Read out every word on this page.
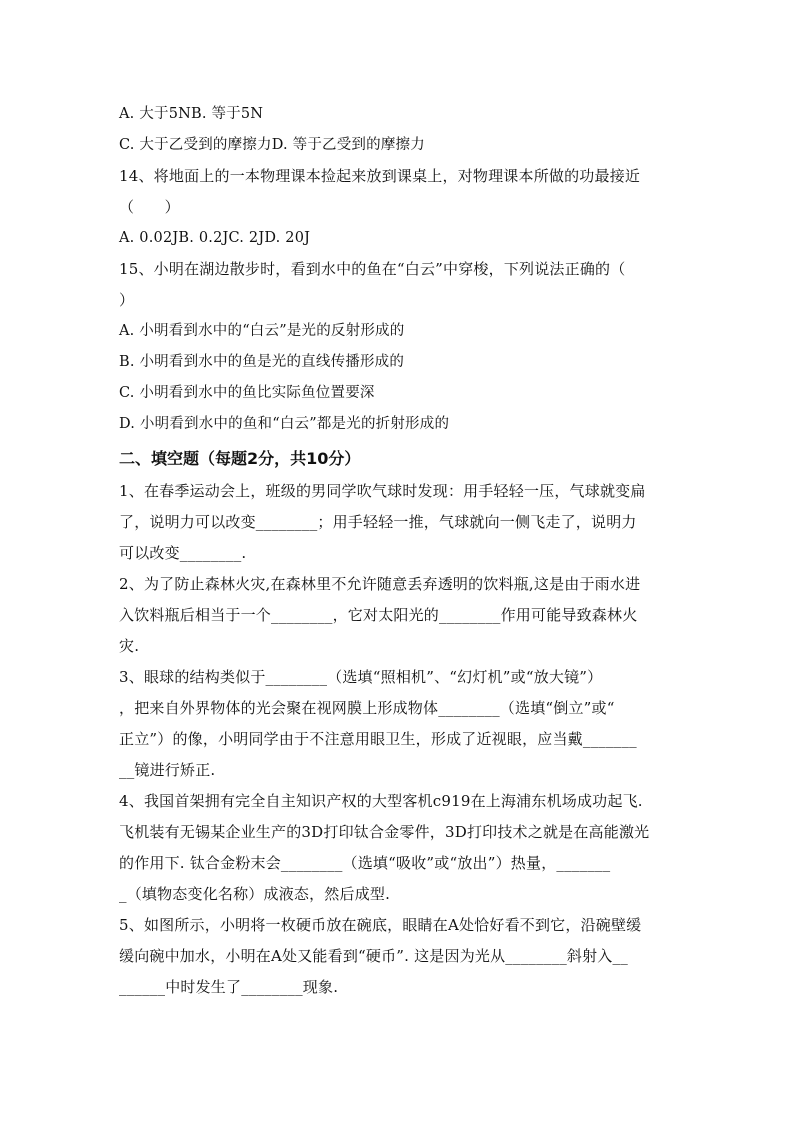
A. 大于5NB. 等于5N
C. 大于乙受到的摩擦力D. 等于乙受到的摩擦力
14、将地面上的一本物理课本捡起来放到课桌上，对物理课本所做的功最接近
（　　）
A. 0.02JB. 0.2JC. 2JD. 20J
15、小明在湖边散步时，看到水中的鱼在“白云”中穿梭，下列说法正确的（
）
A. 小明看到水中的“白云”是光的反射形成的
B. 小明看到水中的鱼是光的直线传播形成的
C. 小明看到水中的鱼比实际鱼位置要深
D. 小明看到水中的鱼和“白云”都是光的折射形成的
二、填空题（每题2分，共10分）
1、在春季运动会上，班级的男同学吹气球时发现：用手轻轻一压，气球就变扁
了，说明力可以改变________；用手轻轻一推，气球就向一侧飞走了，说明力
可以改变________.
2、为了防止森林火灾,在森林里不允许随意丢弃透明的饮料瓶,这是由于雨水进
入饮料瓶后相当于一个________，它对太阳光的________作用可能导致森林火
灾.
3、眼球的结构类似于________（选填“照相机”、“幻灯机”或“放大镜”）
，把来自外界物体的光会聚在视网膜上形成物体________（选填“倒立”或“
正立”）的像，小明同学由于不注意用眼卫生，形成了近视眼，应当戴_______
__镜进行矫正.
4、我国首架拥有完全自主知识产权的大型客机c919在上海浦东机场成功起飞.
飞机装有无锡某企业生产的3D打印钛合金零件，3D打印技术之就是在高能激光
的作用下. 钛合金粉末会________（选填“吸收”或“放出”）热量，_______
_（填物态变化名称）成液态，然后成型.
5、如图所示，小明将一枚硬币放在碗底，眼睛在A处恰好看不到它，沿碗壁缓
缓向碗中加水，小明在A处又能看到“硬币”. 这是因为光从________斜射入__
______中时发生了________现象.
